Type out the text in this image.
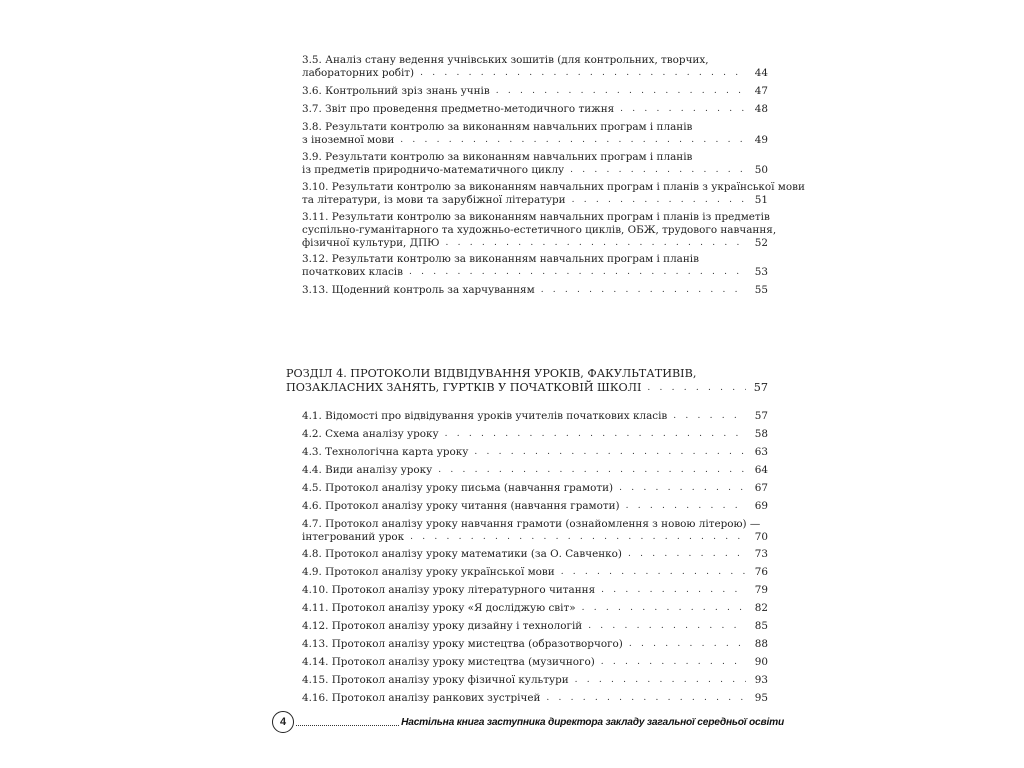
3.5. Аналіз стану ведення учнівських зошитів (для контрольних, творчих,
лабораторних робіт) . . .	44
3.6. Контрольний зріз знань учнів . . .	47
3.7. Звіт про проведення предметно-методичного тижня . . .	48
3.8. Результати контролю за виконанням навчальних програм і планів
з іноземної мови . . .	49
3.9. Результати контролю за виконанням навчальних програм і планів
із предметів природничо-математичного циклу . . .	50
3.10. Результати контролю за виконанням навчальних програм і планів з української мови
та літератури, із мови та зарубіжної літератури . . .	51
3.11. Результати контролю за виконанням навчальних програм і планів із предметів
суспільно-гуманітарного та художньо-естетичного циклів, ОБЖ, трудового навчання,
фізичної культури, ДПЮ . . .	52
3.12. Результати контролю за виконанням навчальних програм і планів
початкових класів . . .	53
3.13. Щоденний контроль за харчуванням . . .	55
РОЗДІЛ 4. ПРОТОКОЛИ ВІДВІДУВАННЯ УРОКІВ, ФАКУЛЬТАТИВІВ,
ПОЗАКЛАСНИХ ЗАНЯТЬ, ГУРТКІВ У ПОЧАТКОВІЙ ШКОЛІ . . .	57
4.1. Відомості про відвідування уроків учителів початкових класів . . .	57
4.2. Схема аналізу уроку . . .	58
4.3. Технологічна карта уроку . . .	63
4.4. Види аналізу уроку . . .	64
4.5. Протокол аналізу уроку письма (навчання грамоти) . . .	67
4.6. Протокол аналізу уроку читання (навчання грамоти) . . .	69
4.7. Протокол аналізу уроку навчання грамоти (ознайомлення з новою літерою) —
інтегрований урок . . .	70
4.8. Протокол аналізу уроку математики (за О. Савченко) . . .	73
4.9. Протокол аналізу уроку української мови . . .	76
4.10. Протокол аналізу уроку літературного читання . . .	79
4.11. Протокол аналізу уроку «Я досліджую світ» . . .	82
4.12. Протокол аналізу уроку дизайну і технологій . . .	85
4.13. Протокол аналізу уроку мистецтва (образотворчого) . . .	88
4.14. Протокол аналізу уроку мистецтва (музичного) . . .	90
4.15. Протокол аналізу уроку фізичної культури . . .	93
4.16. Протокол аналізу ранкових зустрічей . . .	95
4	Настільна книга заступника директора закладу загальної середньої освіти
